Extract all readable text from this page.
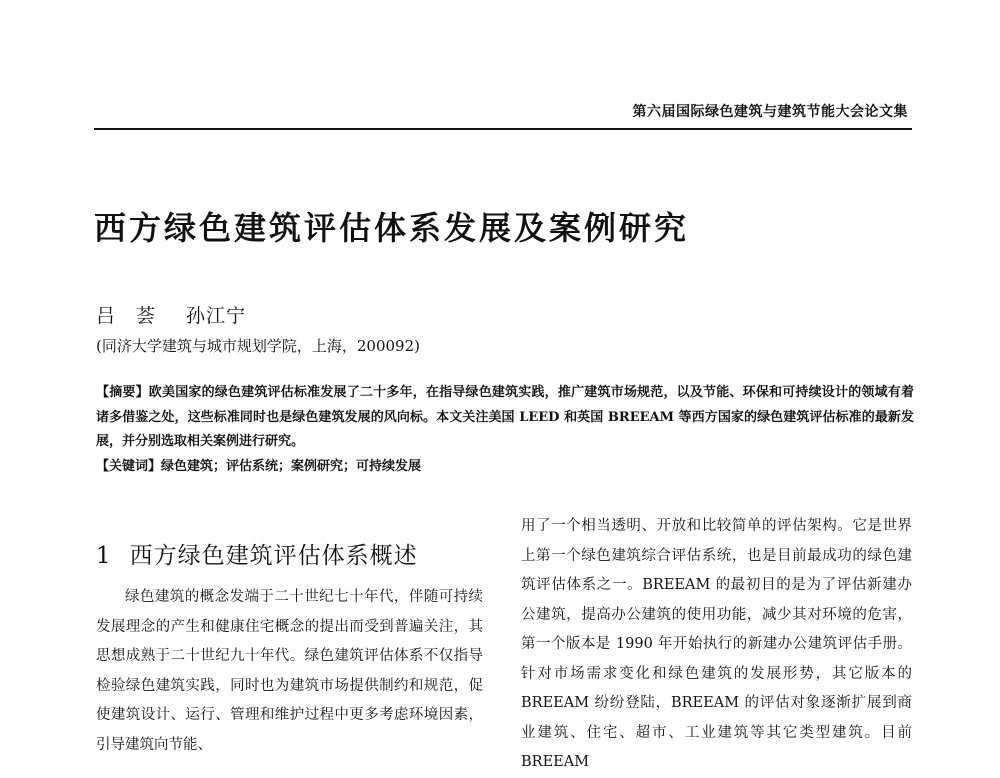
第六届国际绿色建筑与建筑节能大会论文集
西方绿色建筑评估体系发展及案例研究
吕　荟 孙江宁
(同济大学建筑与城市规划学院，上海，200092)

【摘要】欧美国家的绿色建筑评估标准发展了二十多年，在指导绿色建筑实践，推广建筑市场规范，以及节能、环保和可持续设计的领域有着诸多借鉴之处，这些标准同时也是绿色建筑发展的风向标。本文关注美国 LEED 和英国 BREEAM 等西方国家的绿色建筑评估标准的最新发展，并分别选取相关案例进行研究。

【关键词】绿色建筑；评估系统；案例研究；可持续发展

1 西方绿色建筑评估体系概述

绿色建筑的概念发端于二十世纪七十年代，伴随可持续发展理念的产生和健康住宅概念的提出而受到普遍关注，其思想成熟于二十世纪九十年代。绿色建筑评估体系不仅指导检验绿色建筑实践，同时也为建筑市场提供制约和规范，促使建筑设计、运行、管理和维护过程中更多考虑环境因素，引导建筑向节能、

用了一个相当透明、开放和比较简单的评估架构。它是世界上第一个绿色建筑综合评估系统，也是目前最成功的绿色建筑评估体系之一。BREEAM 的最初目的是为了评估新建办公建筑，提高办公建筑的使用功能，减少其对环境的危害，第一个版本是 1990 年开始执行的新建办公建筑评估手册。针对市场需求变化和绿色建筑的发展形势，其它版本的 BREEAM 纷纷登陆，BREEAM 的评估对象逐渐扩展到商业建筑、住宅、超市、工业建筑等其它类型建筑。目前 BREEAM
